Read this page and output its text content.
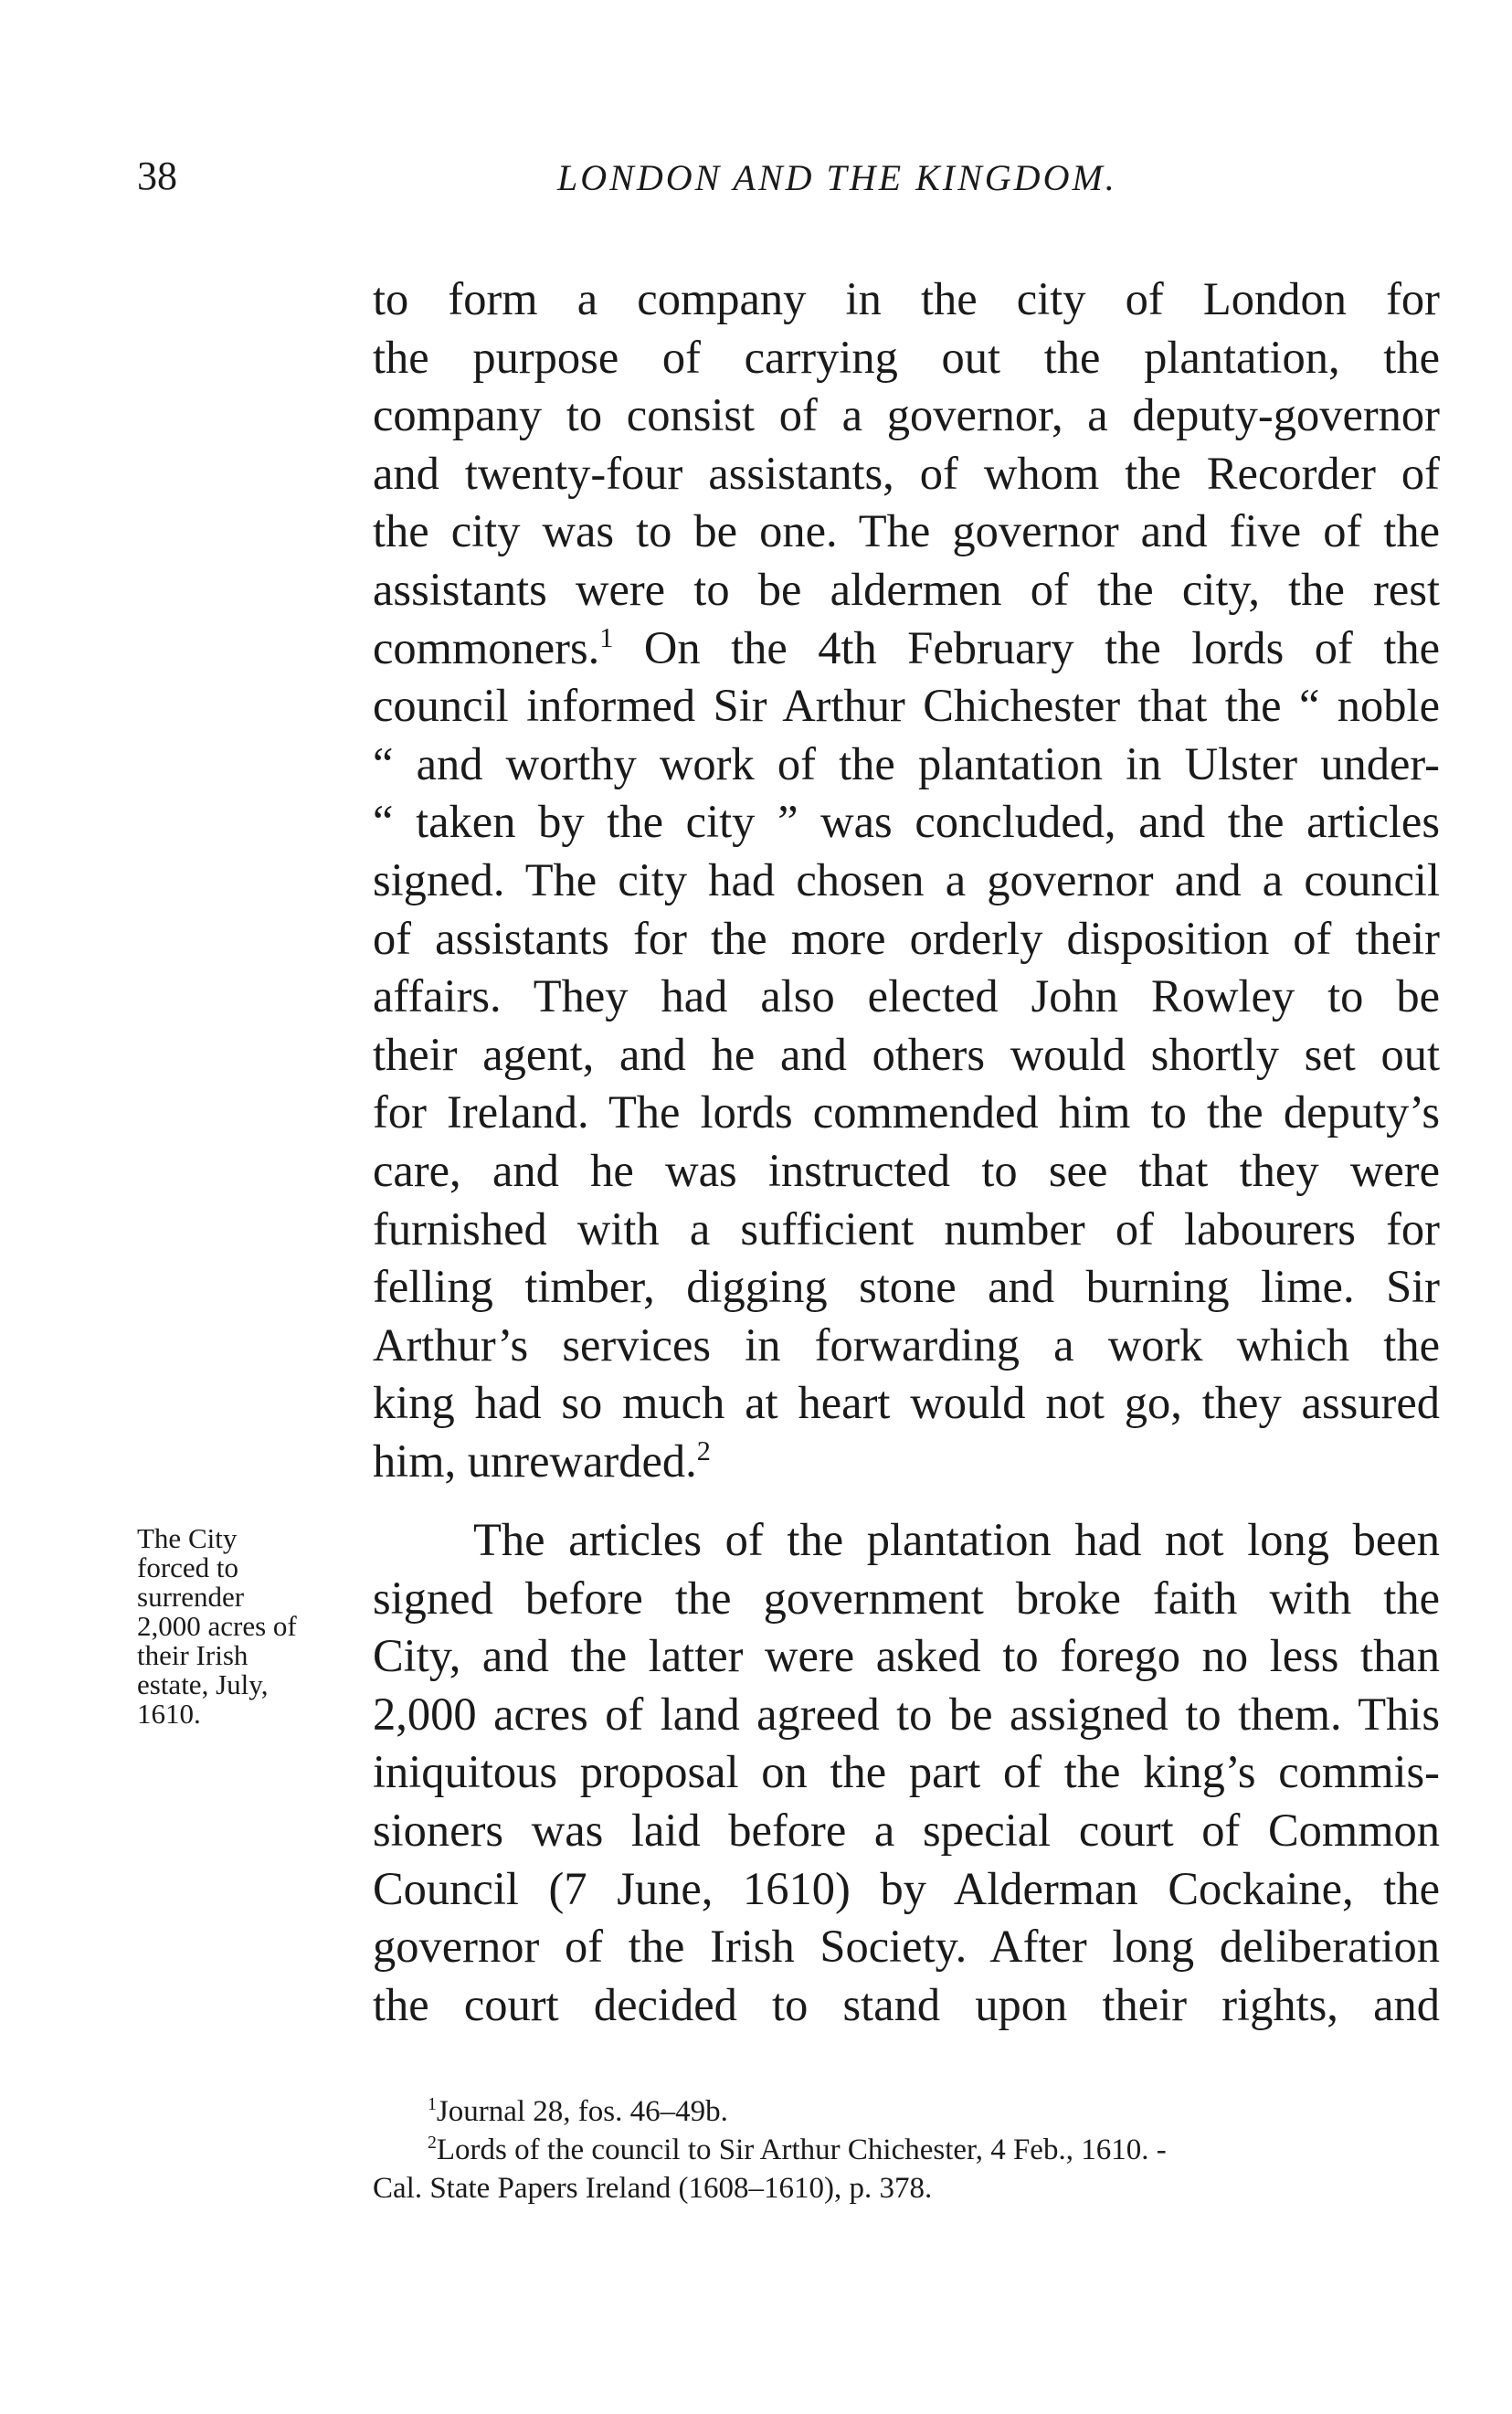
38	LONDON AND THE KINGDOM.
to form a company in the city of London for
the purpose of carrying out the plantation, the
company to consist of a governor, a deputy-governor
and twenty-four assistants, of whom the Recorder of
the city was to be one. The governor and five of the
assistants were to be aldermen of the city, the rest
commoners.$^1$ On the 4th February the lords of the
council informed Sir Arthur Chichester that the “ noble
“ and worthy work of the plantation in Ulster under-
“ taken by the city ” was concluded, and the articles
signed. The city had chosen a governor and a council
of assistants for the more orderly disposition of their
affairs. They had also elected John Rowley to be
their agent, and he and others would shortly set out
for Ireland. The lords commended him to the deputy’s
care, and he was instructed to see that they were
furnished with a sufficient number of labourers for
felling timber, digging stone and burning lime. Sir
Arthur’s services in forwarding a work which the
king had so much at heart would not go, they assured
him, unrewarded.$^2$
The City
forced to
surrender
2,000 acres of
their Irish
estate, July,
1610.
The articles of the plantation had not long been
signed before the government broke faith with the
City, and the latter were asked to forego no less than
2,000 acres of land agreed to be assigned to them. This
iniquitous proposal on the part of the king’s commis-
sioners was laid before a special court of Common
Council (7 June, 1610) by Alderman Cockaine, the
governor of the Irish Society. After long deliberation
the court decided to stand upon their rights, and
$^1$Journal 28, fos. 46–49b.
$^2$Lords of the council to Sir Arthur Chichester, 4 Feb., 1610. -
Cal. State Papers Ireland (1608–1610), p. 378.
